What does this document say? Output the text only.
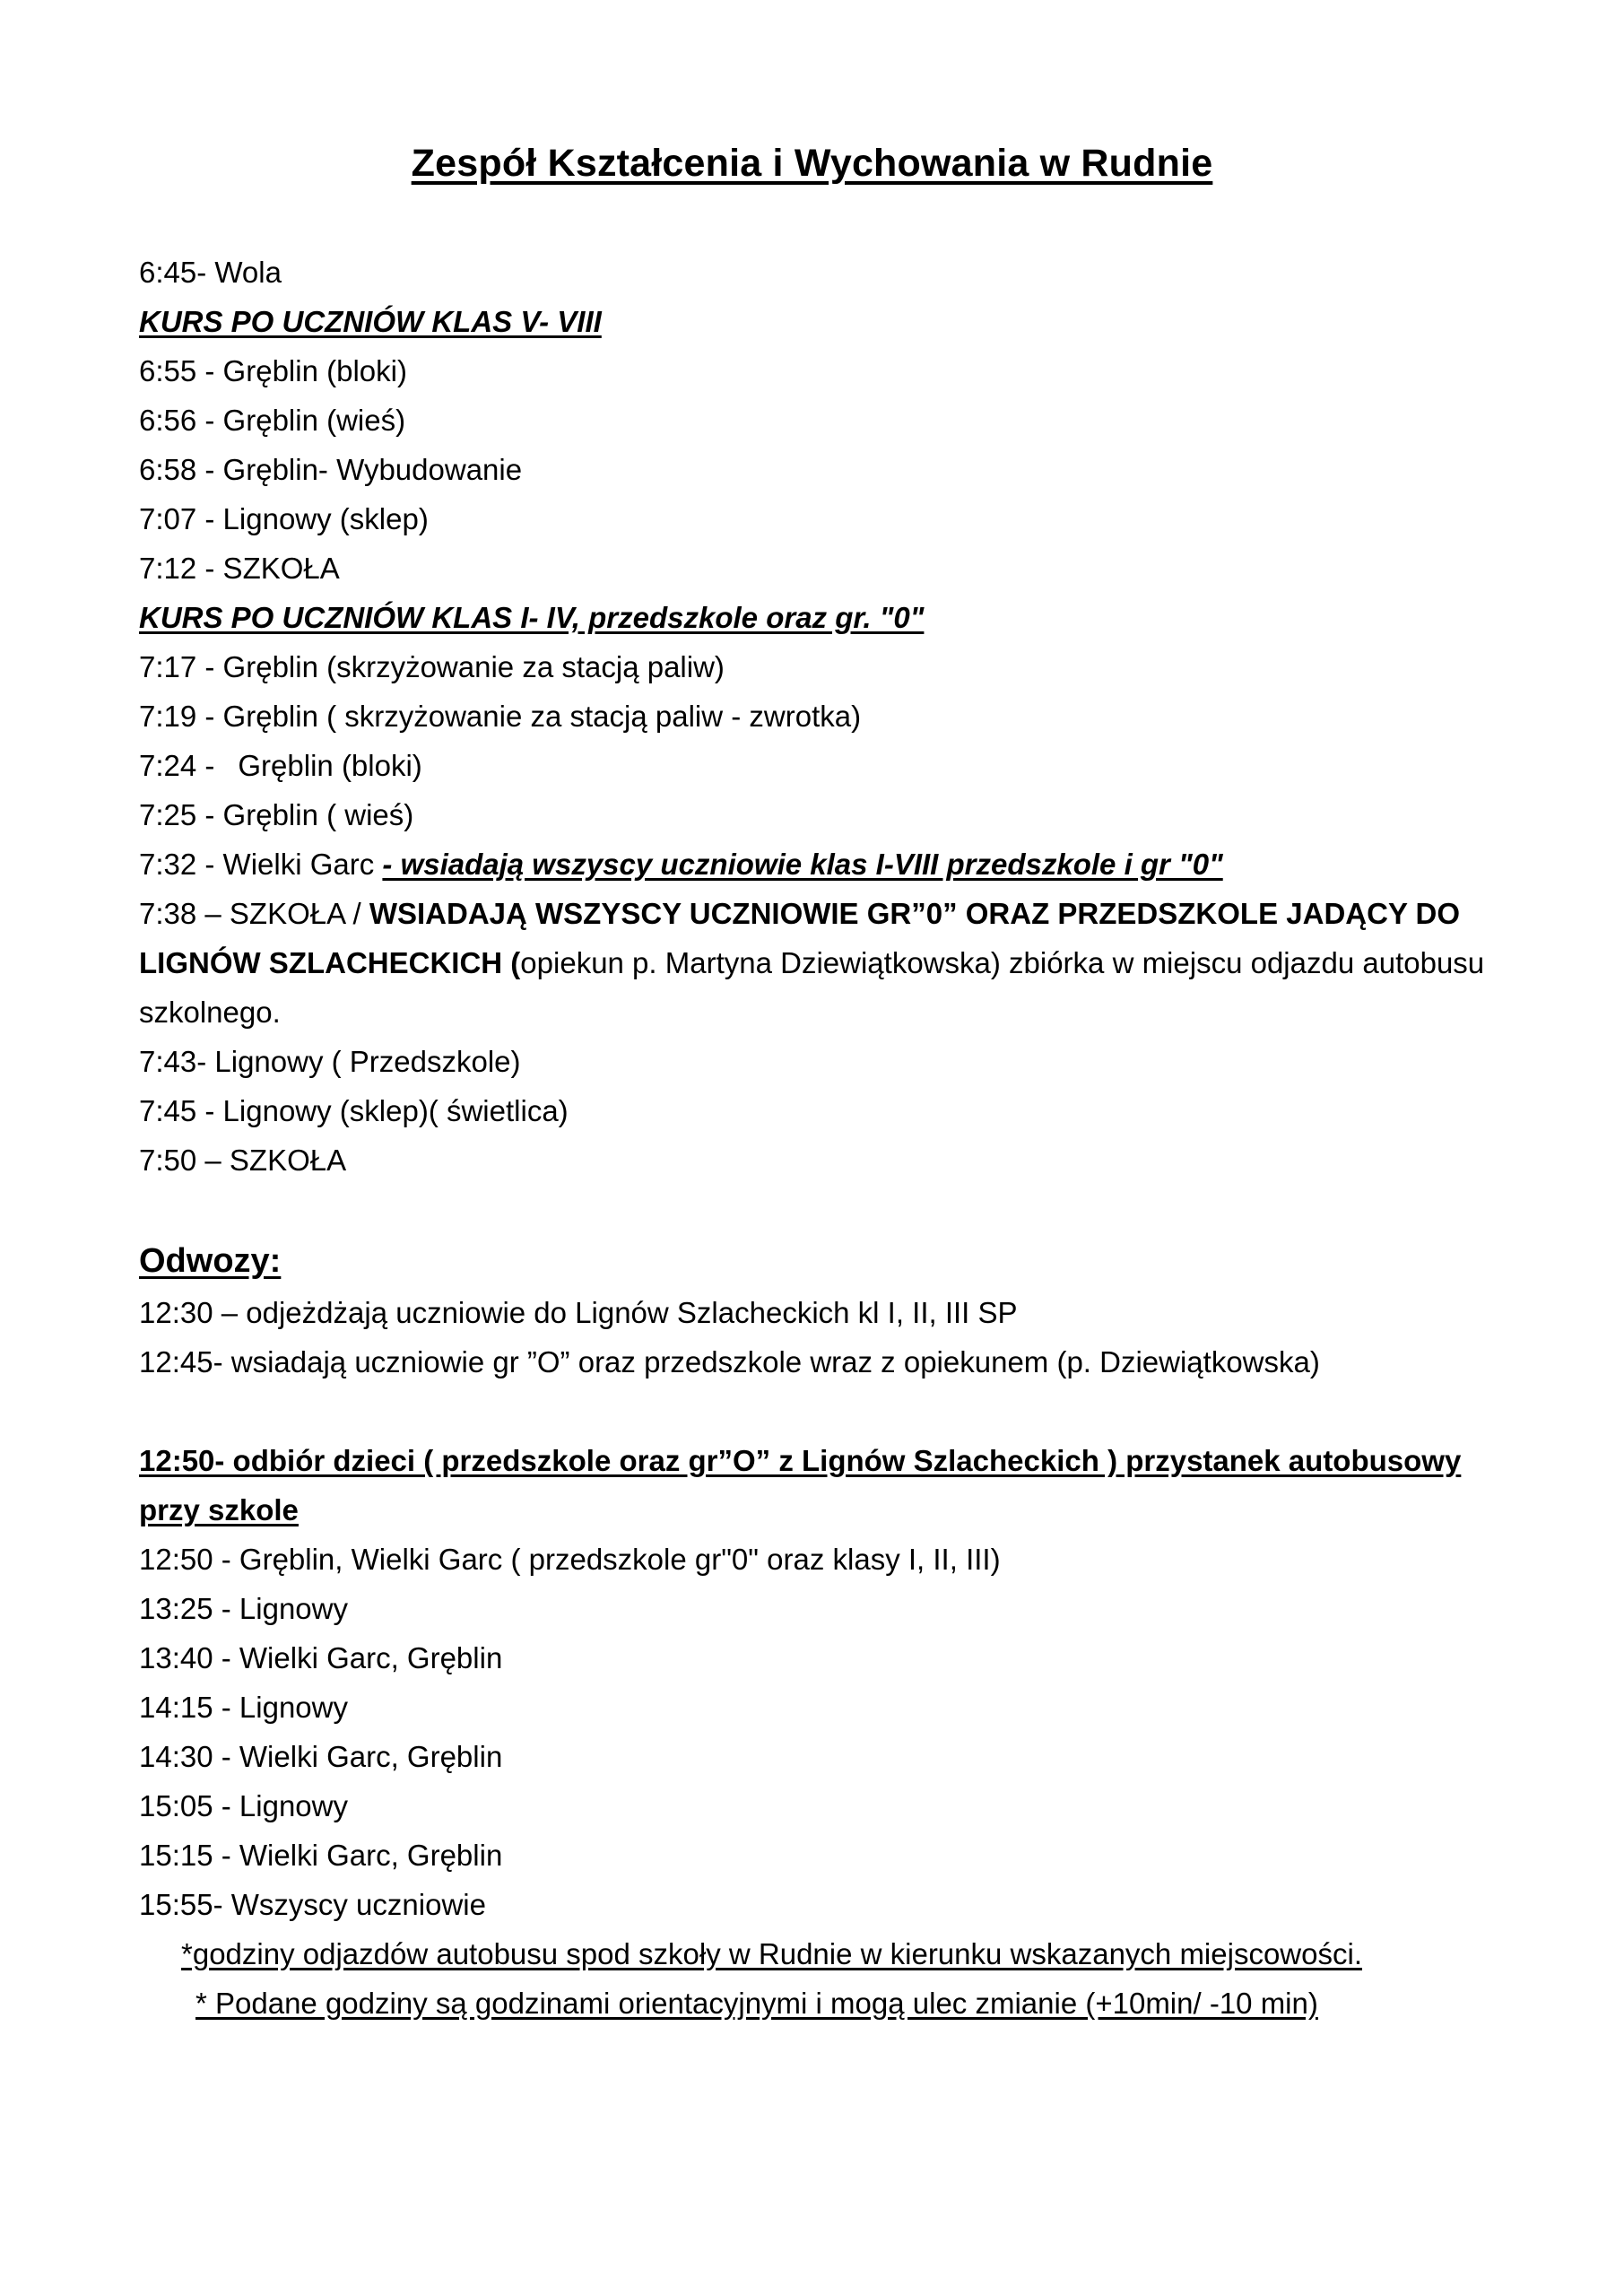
Zespół Kształcenia i Wychowania w Rudnie
6:45- Wola
KURS PO UCZNIÓW KLAS V- VIII
6:55 - Gręblin (bloki)
6:56 - Gręblin (wieś)
6:58 - Gręblin- Wybudowanie
7:07 - Lignowy (sklep)
7:12 - SZKOŁA
KURS PO UCZNIÓW KLAS I- IV, przedszkole oraz gr. "0"
7:17 - Gręblin (skrzyżowanie za stacją paliw)
7:19 - Gręblin ( skrzyżowanie za stacją paliw - zwrotka)
7:24 - Gręblin (bloki)
7:25 - Gręblin ( wieś)
7:32 - Wielki Garc - wsiadają wszyscy uczniowie klas I-VIII przedszkole i gr "0"
7:38 – SZKOŁA / WSIADAJĄ WSZYSCY UCZNIOWIE GR”0” ORAZ PRZEDSZKOLE JADĄCY DO LIGNÓW SZLACHECKICH (opiekun p. Martyna Dziewiątkowska) zbiórka w miejscu odjazdu autobusu szkolnego.
7:43- Lignowy ( Przedszkole)
7:45 - Lignowy (sklep)( świetlica)
7:50 – SZKOŁA
Odwozy:
12:30 – odjeżdżają uczniowie do Lignów Szlacheckich kl I, II, III SP
12:45- wsiadają uczniowie gr ”O” oraz przedszkole wraz z opiekunem (p. Dziewiątkowska)
12:50- odbiór dzieci ( przedszkole oraz gr”O” z Lignów Szlacheckich ) przystanek autobusowy przy szkole
12:50 - Gręblin, Wielki Garc ( przedszkole gr"0" oraz klasy I, II, III)
13:25 - Lignowy
13:40 - Wielki Garc, Gręblin
14:15 - Lignowy
14:30 - Wielki Garc, Gręblin
15:05 - Lignowy
15:15 - Wielki Garc, Gręblin
15:55- Wszyscy uczniowie
*godziny odjazdów autobusu spod szkoły w Rudnie w kierunku wskazanych miejscowości.
* Podane godziny są godzinami orientacyjnymi i mogą ulec zmianie (+10min/ -10 min)
